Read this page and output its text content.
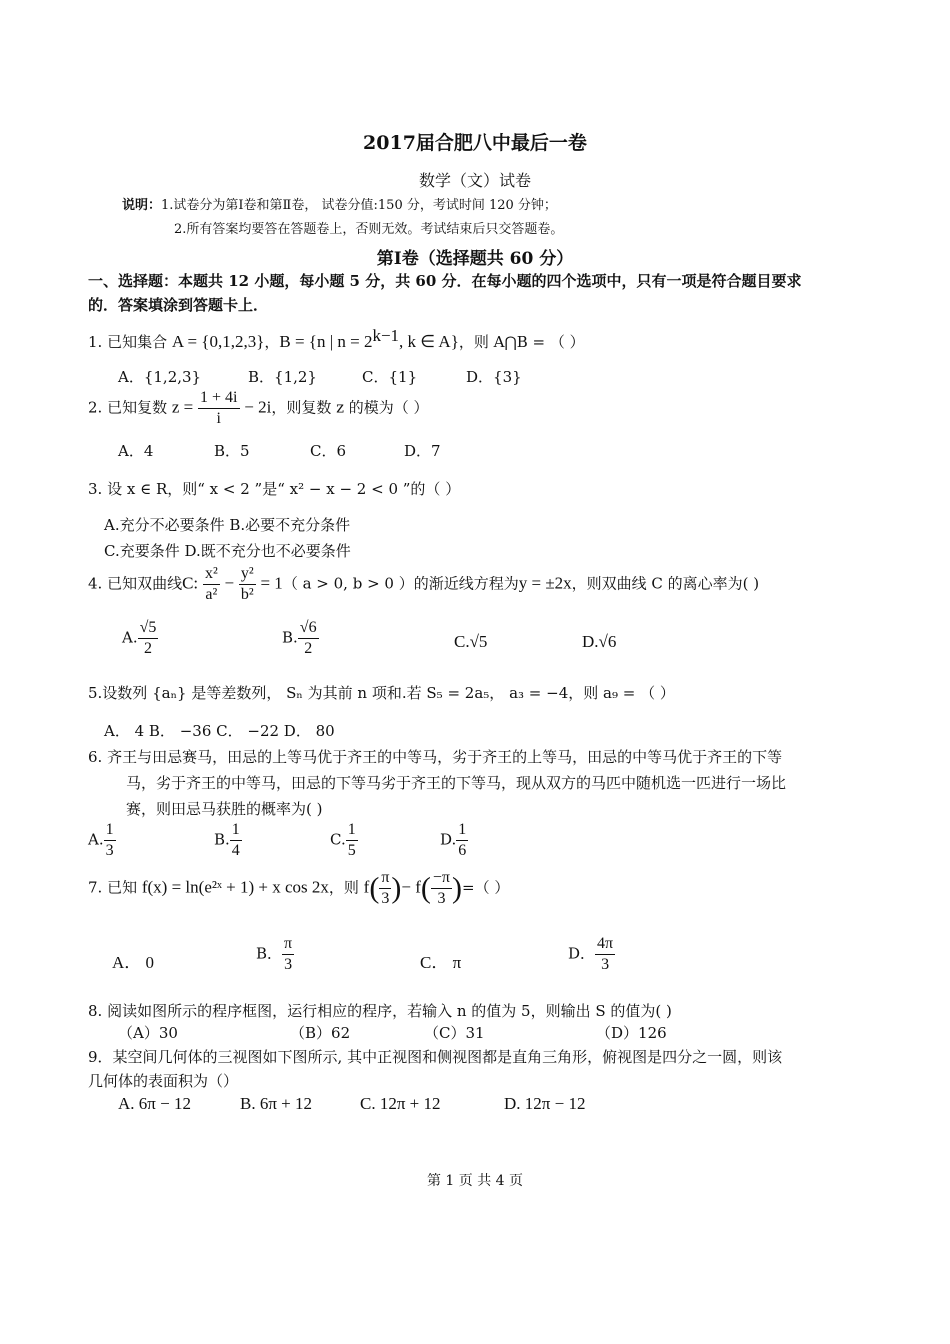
2017届合肥八中最后一卷
数学（文）试卷
说明：1.试卷分为第Ⅰ卷和第Ⅱ卷， 试卷分值:150 分，考试时间 120 分钟；
2.所有答案均要答在答题卷上，否则无效。考试结束后只交答题卷。
第Ⅰ卷（选择题共 60 分）
一、选择题：本题共 12 小题，每小题 5 分，共 60 分．在每小题的四个选项中，只有一项是符合题目要求
的．答案填涂到答题卡上．
1. 已知集合 A = {0,1,2,3}，B = {n | $n = 2^{k-1}$, k ∈ A}，则 A⋂B = （ ）
A．{1,2,3}	B．{1,2}	C．{1}	D．{3}
2. 已知复数 $z = \frac{1 + 4i}{i} - 2i$，则复数 z 的模为（ ）
A．4	B．5	C．6	D．7
3. 设 x ∈ R，则“ x < 2 ”是“ x² − x − 2 < 0 ”的（ ）
A.充分不必要条件 B.必要不充分条件
C.充要条件 D.既不充分也不必要条件
4. 已知双曲线C: $\frac{\text{x²}}{\text{a²}} - \frac{\text{y²}}{\text{b²}} = 1$（ a > 0, b > 0 ）的渐近线方程为y = ±2x，则双曲线 C 的离心率为( )
A. $\frac{√5}{2}$	B. $\frac{√6}{2}$	C.√5	D.√6
5.设数列 {aₙ} 是等差数列， Sₙ 为其前 n 项和.若 S₅ = 2a₅， a₃ = −4，则 a₉ = （ ）
A． 4 B． −36 C． −22 D． 80
6. 齐王与田忌赛马，田忌的上等马优于齐王的中等马，劣于齐王的上等马，田忌的中等马优于齐王的下等
马，劣于齐王的中等马，田忌的下等马劣于齐王的下等马，现从双方的马匹中随机选一匹进行一场比
赛，则田忌马获胜的概率为( )
A. $\frac{1}{3}$	B. $\frac{1}{4}$	C. $\frac{1}{5}$	D. $\frac{1}{6}$
7. 已知 f(x) = ln(e²ˣ + 1) + x cos 2x，则 $f( \frac{\pi}{3}$ )− $f( \frac{-\pi}{3}$ )=（ ）
A． 0	B． $\frac{\pi}{3}$	C． π	D． $\frac{4\pi}{3}$
8. 阅读如图所示的程序框图，运行相应的程序，若输入 n 的值为 5，则输出 S 的值为( )
（A）30	（B）62	（C）31	（D）126
9．某空间几何体的三视图如下图所示, 其中正视图和侧视图都是直角三角形，俯视图是四分之一圆，则该
几何体的表面积为（）
A. 6π − 12	B. 6π + 12	C. 12π + 12	D. 12π − 12
第 1 页 共 4 页
